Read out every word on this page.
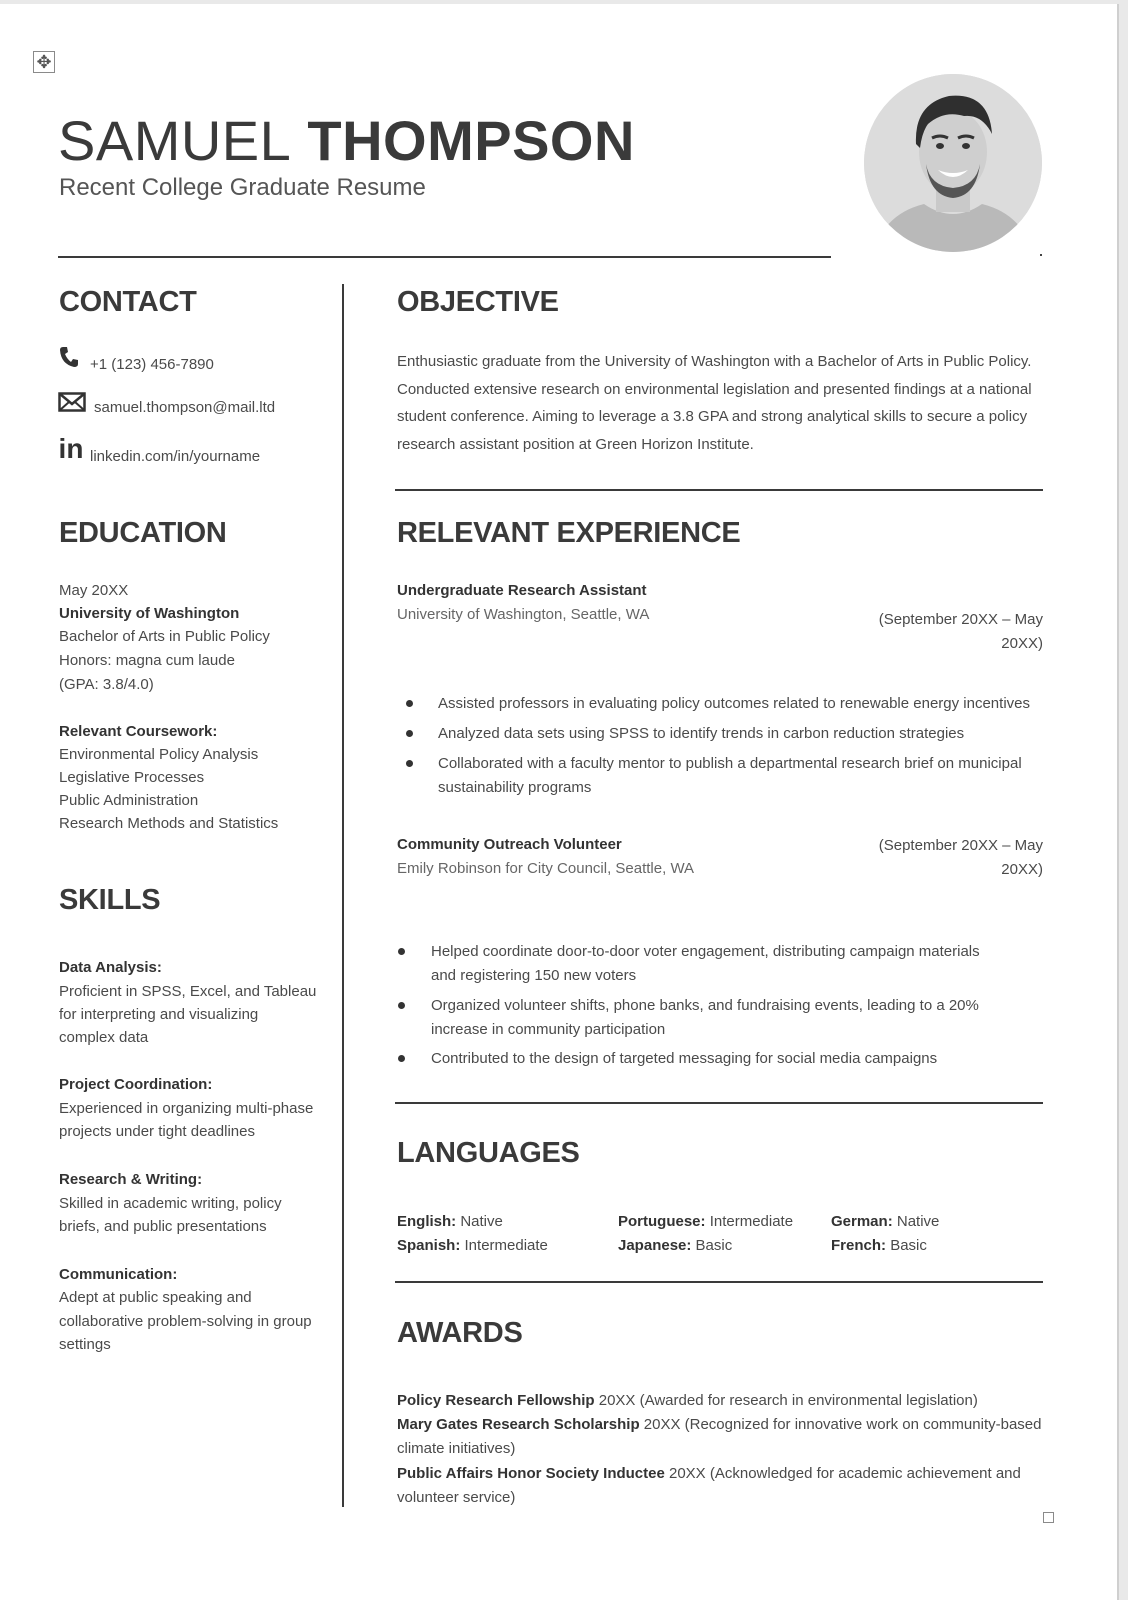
✥
SAMUEL THOMPSON
Recent College Graduate Resume
CONTACT
+1 (123) 456-7890
samuel.thompson@mail.ltd
in linkedin.com/in/yourname
EDUCATION
May 20XX
University of Washington
Bachelor of Arts in Public Policy
Honors: magna cum laude
(GPA: 3.8/4.0)
Relevant Coursework:
Environmental Policy Analysis
Legislative Processes
Public Administration
Research Methods and Statistics
SKILLS
Data Analysis:
Proficient in SPSS, Excel, and Tableau
for interpreting and visualizing
complex data
Project Coordination:
Experienced in organizing multi-phase
projects under tight deadlines
Research & Writing:
Skilled in academic writing, policy
briefs, and public presentations
Communication:
Adept at public speaking and
collaborative problem-solving in group
settings
OBJECTIVE
Enthusiastic graduate from the University of Washington with a Bachelor of Arts in Public Policy.
Conducted extensive research on environmental legislation and presented findings at a national
student conference. Aiming to leverage a 3.8 GPA and strong analytical skills to secure a policy
research assistant position at Green Horizon Institute.
RELEVANT EXPERIENCE
Undergraduate Research Assistant
University of Washington, Seattle, WA	(September 20XX – May
20XX)
Assisted professors in evaluating policy outcomes related to renewable energy incentives
Analyzed data sets using SPSS to identify trends in carbon reduction strategies
Collaborated with a faculty mentor to publish a departmental research brief on municipal
sustainability programs
Community Outreach Volunteer
Emily Robinson for City Council, Seattle, WA
(September 20XX – May
20XX)
Helped coordinate door-to-door voter engagement, distributing campaign materials
and registering 150 new voters
Organized volunteer shifts, phone banks, and fundraising events, leading to a 20%
increase in community participation
Contributed to the design of targeted messaging for social media campaigns
LANGUAGES
English: Native
Spanish: Intermediate
Portuguese: Intermediate
Japanese: Basic
German: Native
French: Basic
AWARDS
Policy Research Fellowship 20XX (Awarded for research in environmental legislation)
Mary Gates Research Scholarship 20XX (Recognized for innovative work on community-based
climate initiatives)
Public Affairs Honor Society Inductee 20XX (Acknowledged for academic achievement and
volunteer service)
